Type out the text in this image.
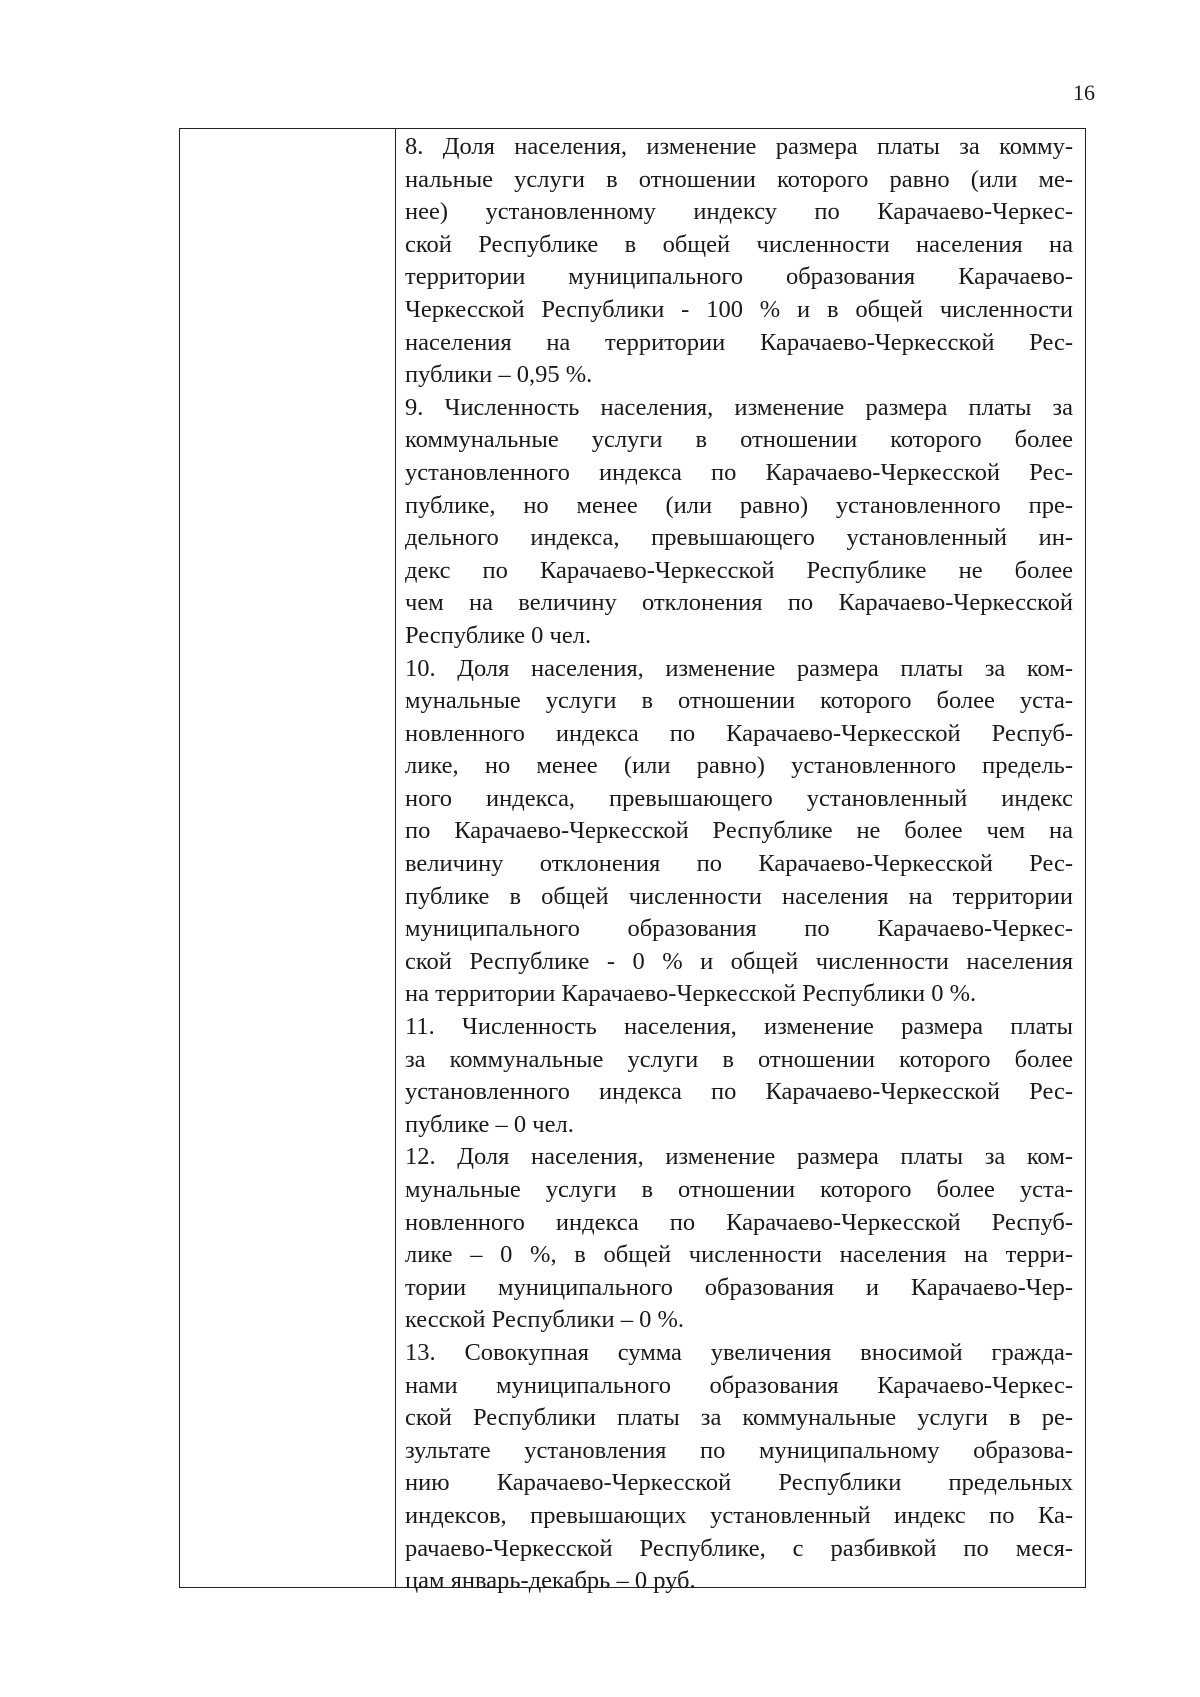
16
8. Доля населения, изменение размера платы за комму-
нальные услуги в отношении которого равно (или ме-
нее) установленному индексу по Карачаево-Черкес-
ской Республике в общей численности населения на
территории муниципального образования Карачаево-
Черкесской Республики - 100 % и в общей численности
населения на территории Карачаево-Черкесской Рес-
публики – 0,95 %.
9. Численность населения, изменение размера платы за
коммунальные услуги в отношении которого более
установленного индекса по Карачаево-Черкесской Рес-
публике, но менее (или равно) установленного пре-
дельного индекса, превышающего установленный ин-
декс по Карачаево-Черкесской Республике не более
чем на величину отклонения по Карачаево-Черкесской
Республике 0 чел.
10. Доля населения, изменение размера платы за ком-
мунальные услуги в отношении которого более уста-
новленного индекса по Карачаево-Черкесской Респуб-
лике, но менее (или равно) установленного предель-
ного индекса, превышающего установленный индекс
по Карачаево-Черкесской Республике не более чем на
величину отклонения по Карачаево-Черкесской Рес-
публике в общей численности населения на территории
муниципального образования по Карачаево-Черкес-
ской Республике - 0 % и общей численности населения
на территории Карачаево-Черкесской Республики 0 %.
11. Численность населения, изменение размера платы
за коммунальные услуги в отношении которого более
установленного индекса по Карачаево-Черкесской Рес-
публике – 0 чел.
12. Доля населения, изменение размера платы за ком-
мунальные услуги в отношении которого более уста-
новленного индекса по Карачаево-Черкесской Респуб-
лике – 0 %, в общей численности населения на терри-
тории муниципального образования и Карачаево-Чер-
кесской Республики – 0 %.
13. Совокупная сумма увеличения вносимой гражда-
нами муниципального образования Карачаево-Черкес-
ской Республики платы за коммунальные услуги в ре-
зультате установления по муниципальному образова-
нию Карачаево-Черкесской Республики предельных
индексов, превышающих установленный индекс по Ка-
рачаево-Черкесской Республике, с разбивкой по меся-
цам январь-декабрь – 0 руб.
